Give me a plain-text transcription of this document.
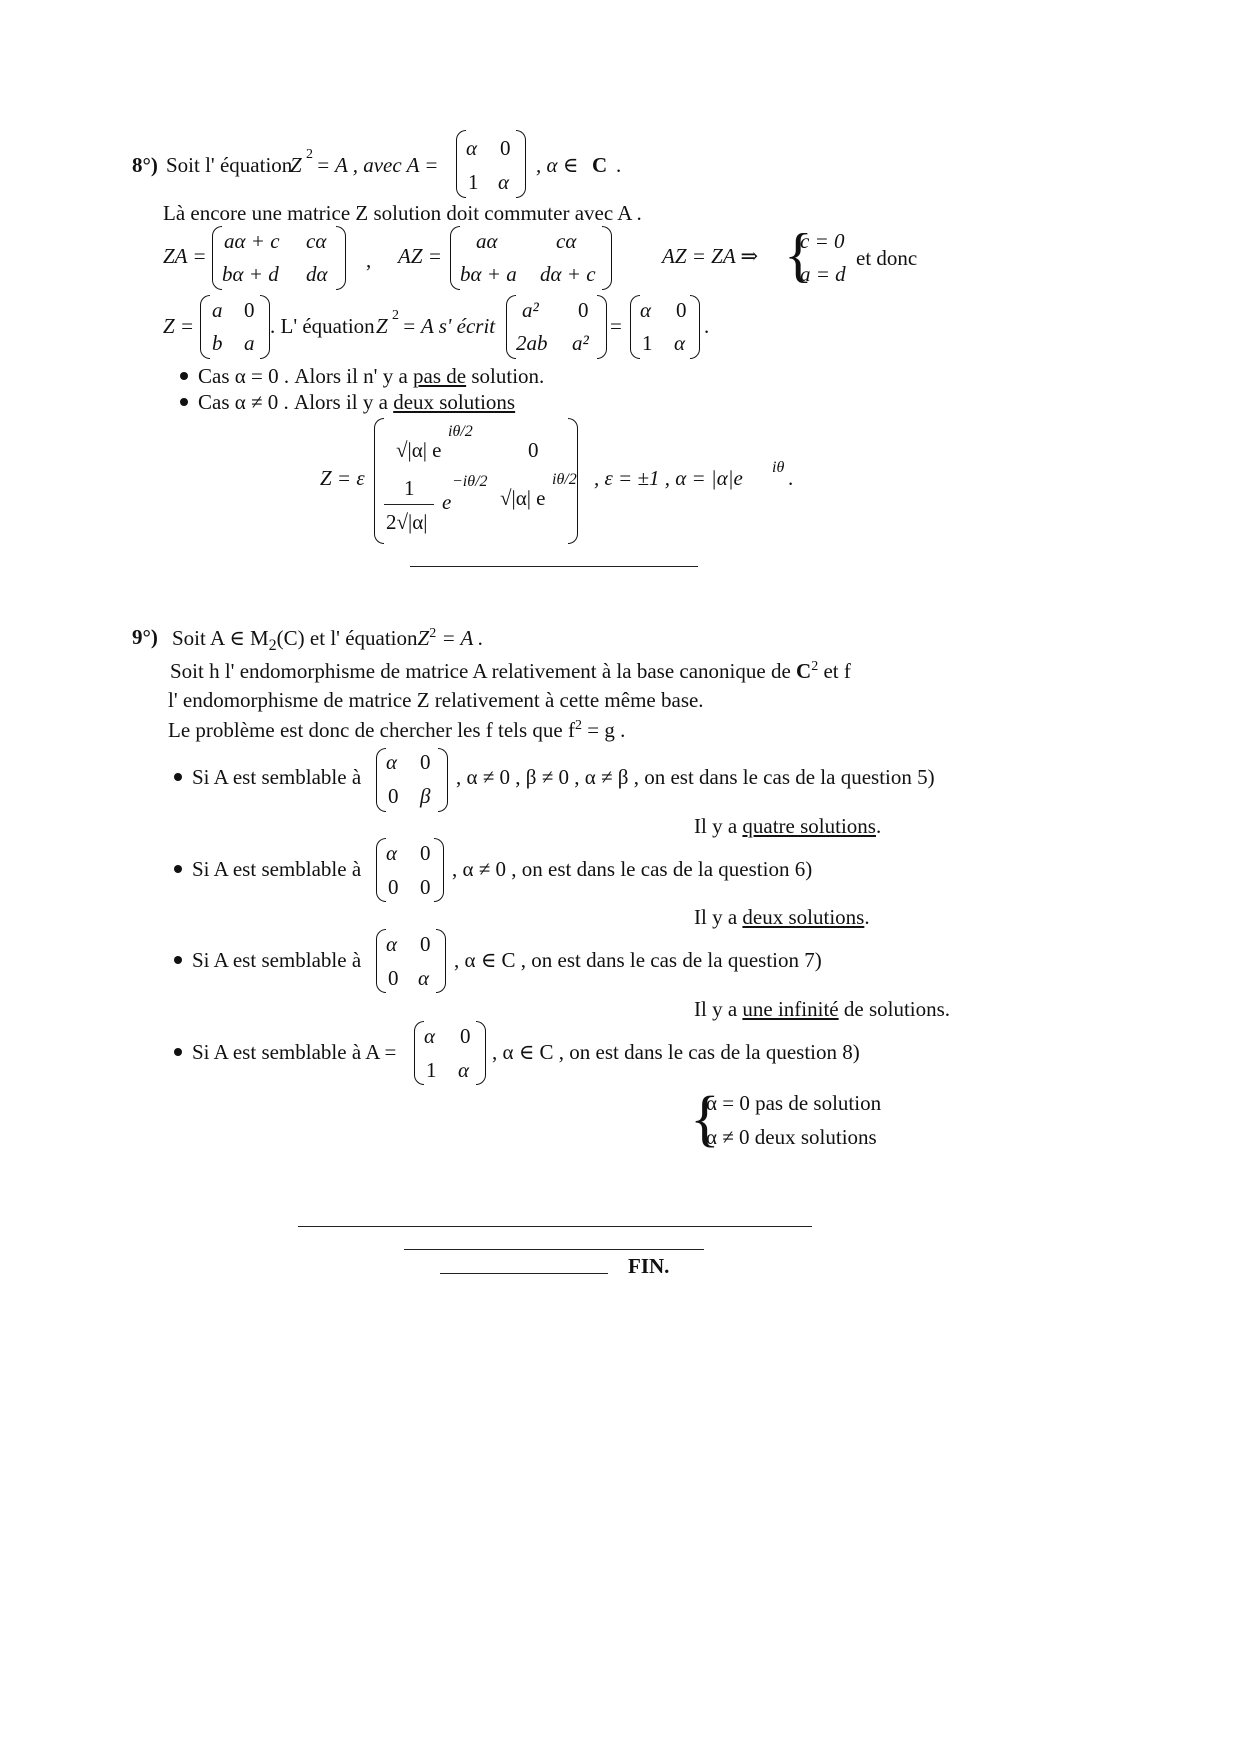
8°) Soit l' équation
Z 2 = A , avec A =
α 0
1 α
, α ∈ C .
Là encore une matrice Z solution doit commuter avec A .
ZA =
aα + c cα
bα + d dα
, AZ =
aα	cα
bα + a dα + c
AZ = ZA ⇒ {
c = 0
a = d
et donc
Z =
a 0
b a
. L' équation Z 2 = A s' écrit
a² 0
2ab a²
=
α 0
1 α
.
Cas α = 0 . Alors il n' y a pas de solution.
Cas α ≠ 0 . Alors il y a deux solutions
Z = ε
√|α| e
iθ/2
0
1
2√|α|
e
−iθ/2
√|α| e
iθ/2 , ε = ±1 , α = |α|e iθ .
9°) Soit A ∈ $M_2(C)$ et l' équationZ$^2$ = A .
Soit h l' endomorphisme de matrice A relativement à la base canonique de $C^2$ et f
l' endomorphisme de matrice Z relativement à cette même base.
Le problème est donc de chercher les f tels que $f^2 = g$ .
Si A est semblable à
α 0
0 β
, α ≠ 0 , β ≠ 0 , α ≠ β , on est dans le cas de la question 5)
Il y a quatre solutions.
Si A est semblable à
α 0
0 0
, α ≠ 0 , on est dans le cas de la question 6)
Il y a deux solutions.
Si A est semblable à
α 0
0 α
, α ∈ C , on est dans le cas de la question 7)
Il y a une infinité de solutions.
Si A est semblable à A =
α 0
1 α
, α ∈ C , on est dans le cas de la question 8)
{
α = 0 pas de solution
α ≠ 0 deux solutions
FIN.
